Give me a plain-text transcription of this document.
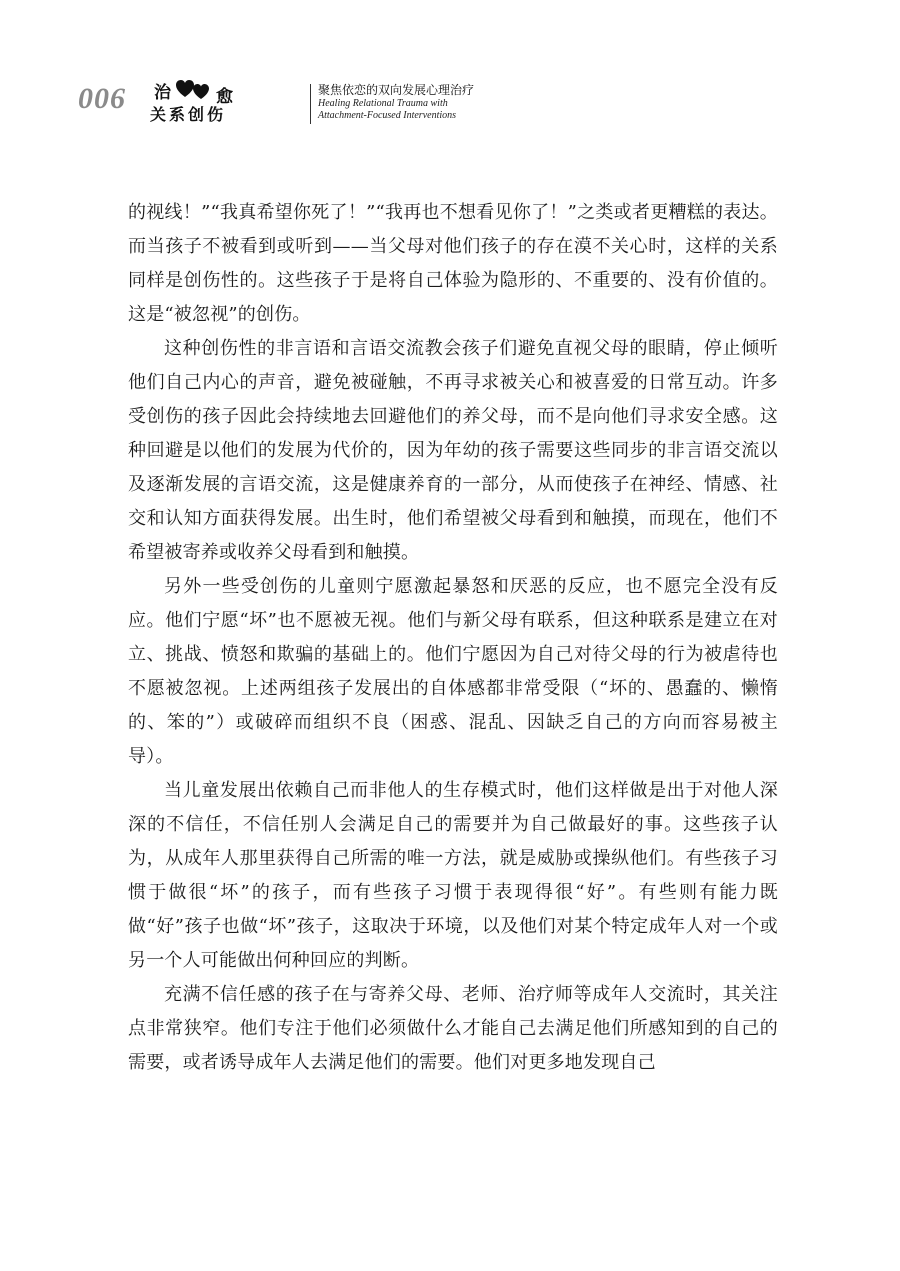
006 治	愈
关系创伤
聚焦依恋的双向发展心理治疗
Healing Relational Trauma with
Attachment-Focused Interventions

的视线！”“我真希望你死了！”“我再也不想看见你了！”之类或者更糟糕的表达。而当孩子不被看到或听到——当父母对他们孩子的存在漠不关心时，这样的关系同样是创伤性的。这些孩子于是将自己体验为隐形的、不重要的、没有价值的。这是“被忽视”的创伤。

这种创伤性的非言语和言语交流教会孩子们避免直视父母的眼睛，停止倾听他们自己内心的声音，避免被碰触，不再寻求被关心和被喜爱的日常互动。许多受创伤的孩子因此会持续地去回避他们的养父母，而不是向他们寻求安全感。这种回避是以他们的发展为代价的，因为年幼的孩子需要这些同步的非言语交流以及逐渐发展的言语交流，这是健康养育的一部分，从而使孩子在神经、情感、社交和认知方面获得发展。出生时，他们希望被父母看到和触摸，而现在，他们不希望被寄养或收养父母看到和触摸。

另外一些受创伤的儿童则宁愿激起暴怒和厌恶的反应，也不愿完全没有反应。他们宁愿“坏”也不愿被无视。他们与新父母有联系，但这种联系是建立在对立、挑战、愤怒和欺骗的基础上的。他们宁愿因为自己对待父母的行为被虐待也不愿被忽视。上述两组孩子发展出的自体感都非常受限（“坏的、愚蠢的、懒惰的、笨的”）或破碎而组织不良（困惑、混乱、因缺乏自己的方向而容易被主导）。

当儿童发展出依赖自己而非他人的生存模式时，他们这样做是出于对他人深深的不信任，不信任别人会满足自己的需要并为自己做最好的事。这些孩子认为，从成年人那里获得自己所需的唯一方法，就是威胁或操纵他们。有些孩子习惯于做很“坏”的孩子，而有些孩子习惯于表现得很“好”。有些则有能力既做“好”孩子也做“坏”孩子，这取决于环境，以及他们对某个特定成年人对一个或另一个人可能做出何种回应的判断。

充满不信任感的孩子在与寄养父母、老师、治疗师等成年人交流时，其关注点非常狭窄。他们专注于他们必须做什么才能自己去满足他们所感知到的自己的需要，或者诱导成年人去满足他们的需要。他们对更多地发现自己
